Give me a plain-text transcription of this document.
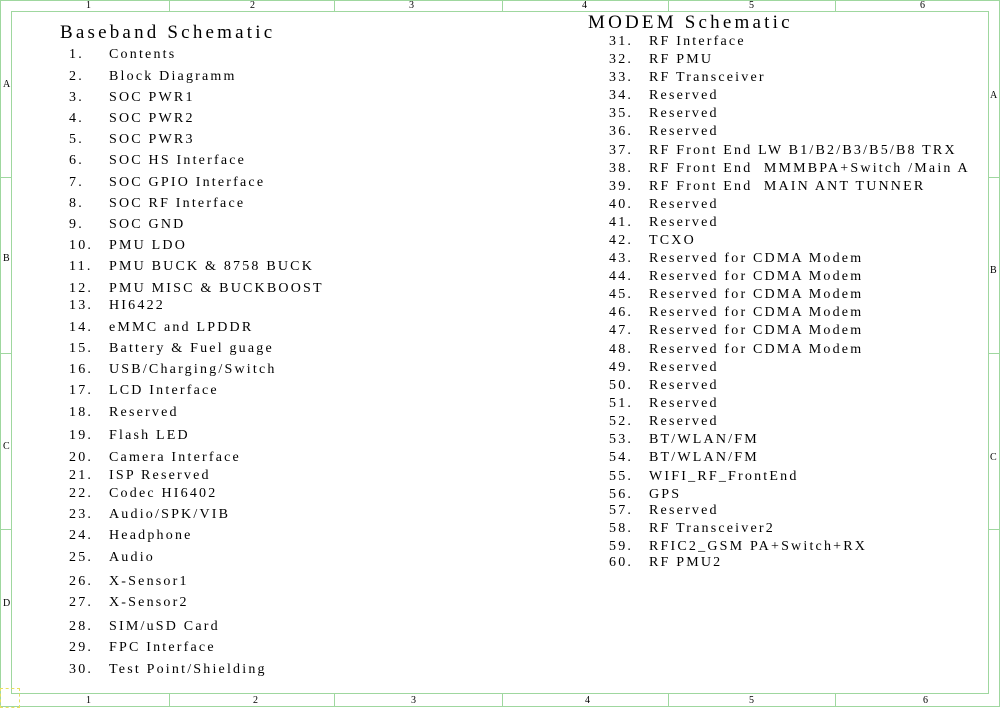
1	2	3	4	5	6
1	2	3	4	5	6
A
B
C
D
A
B
C
Baseband Schematic
1. Contents
2. Block Diagramm
3. SOC PWR1
4. SOC PWR2
5. SOC PWR3
6. SOC HS Interface
7. SOC GPIO Interface
8. SOC RF Interface
9. SOC GND
10. PMU LDO
11. PMU BUCK & 8758 BUCK
12. PMU MISC & BUCKBOOST
13. HI6422
14. eMMC and LPDDR
15. Battery & Fuel guage
16. USB/Charging/Switch
17. LCD Interface
18. Reserved
19. Flash LED
20. Camera Interface
21. ISP Reserved
22. Codec HI6402
23. Audio/SPK/VIB
24. Headphone
25. Audio
26. X-Sensor1
27. X-Sensor2
28. SIM/uSD Card
29. FPC Interface
30. Test Point/Shielding
MODEM Schematic
31. RF Interface
32. RF PMU
33. RF Transceiver
34. Reserved
35. Reserved
36. Reserved
37. RF Front End LW B1/B2/B3/B5/B8 TRX
38. RF Front End  MMMBPA+Switch /Main A
39. RF Front End  MAIN ANT TUNNER
40. Reserved
41. Reserved
42. TCXO
43. Reserved for CDMA Modem
44. Reserved for CDMA Modem
45. Reserved for CDMA Modem
46. Reserved for CDMA Modem
47. Reserved for CDMA Modem
48. Reserved for CDMA Modem
49. Reserved
50. Reserved
51. Reserved
52. Reserved
53. BT/WLAN/FM
54. BT/WLAN/FM
55. WIFI_RF_FrontEnd
56. GPS
57. Reserved
58. RF Transceiver2
59. RFIC2_GSM PA+Switch+RX
60. RF PMU2
